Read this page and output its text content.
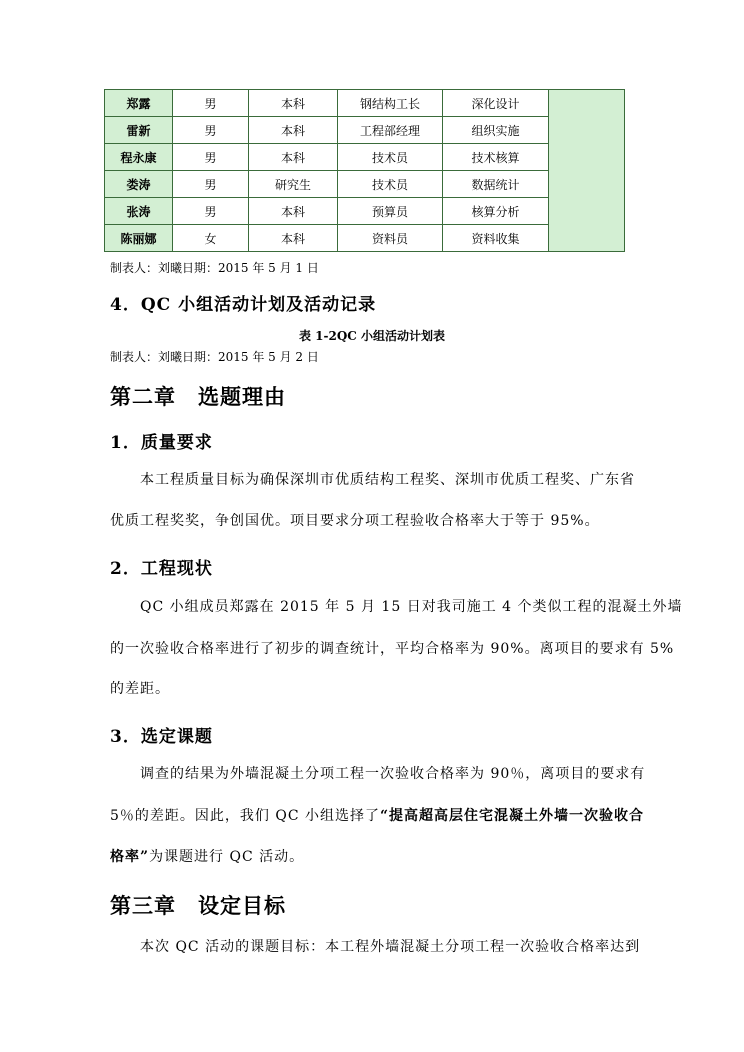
郑露	男	本科	钢结构工长	深化设计	
雷新	男	本科	工程部经理	组织实施	
程永康	男	本科	技术员	技术核算	
娄涛	男	研究生	技术员	数据统计	
张涛	男	本科	预算员	核算分析	
陈丽娜	女	本科	资料员	资料收集	
制表人：刘曦日期：2015 年 5 月 1 日
4．QC 小组活动计划及活动记录
表 1-2QC 小组活动计划表
制表人：刘曦日期：2015 年 5 月 2 日
第二章　选题理由
1．质量要求
本工程质量目标为确保深圳市优质结构工程奖、深圳市优质工程奖、广东省
优质工程奖奖，争创国优。项目要求分项工程验收合格率大于等于 95%。
2．工程现状
QC 小组成员郑露在 2015 年 5 月 15 日对我司施工 4 个类似工程的混凝土外墙
的一次验收合格率进行了初步的调查统计，平均合格率为 90%。离项目的要求有 5%
的差距。
3．选定课题
调查的结果为外墙混凝土分项工程一次验收合格率为 90％，离项目的要求有
5％的差距。因此，我们 QC 小组选择了“提高超高层住宅混凝土外墙一次验收合
格率”为课题进行 QC 活动。
第三章　设定目标
本次 QC 活动的课题目标：本工程外墙混凝土分项工程一次验收合格率达到
